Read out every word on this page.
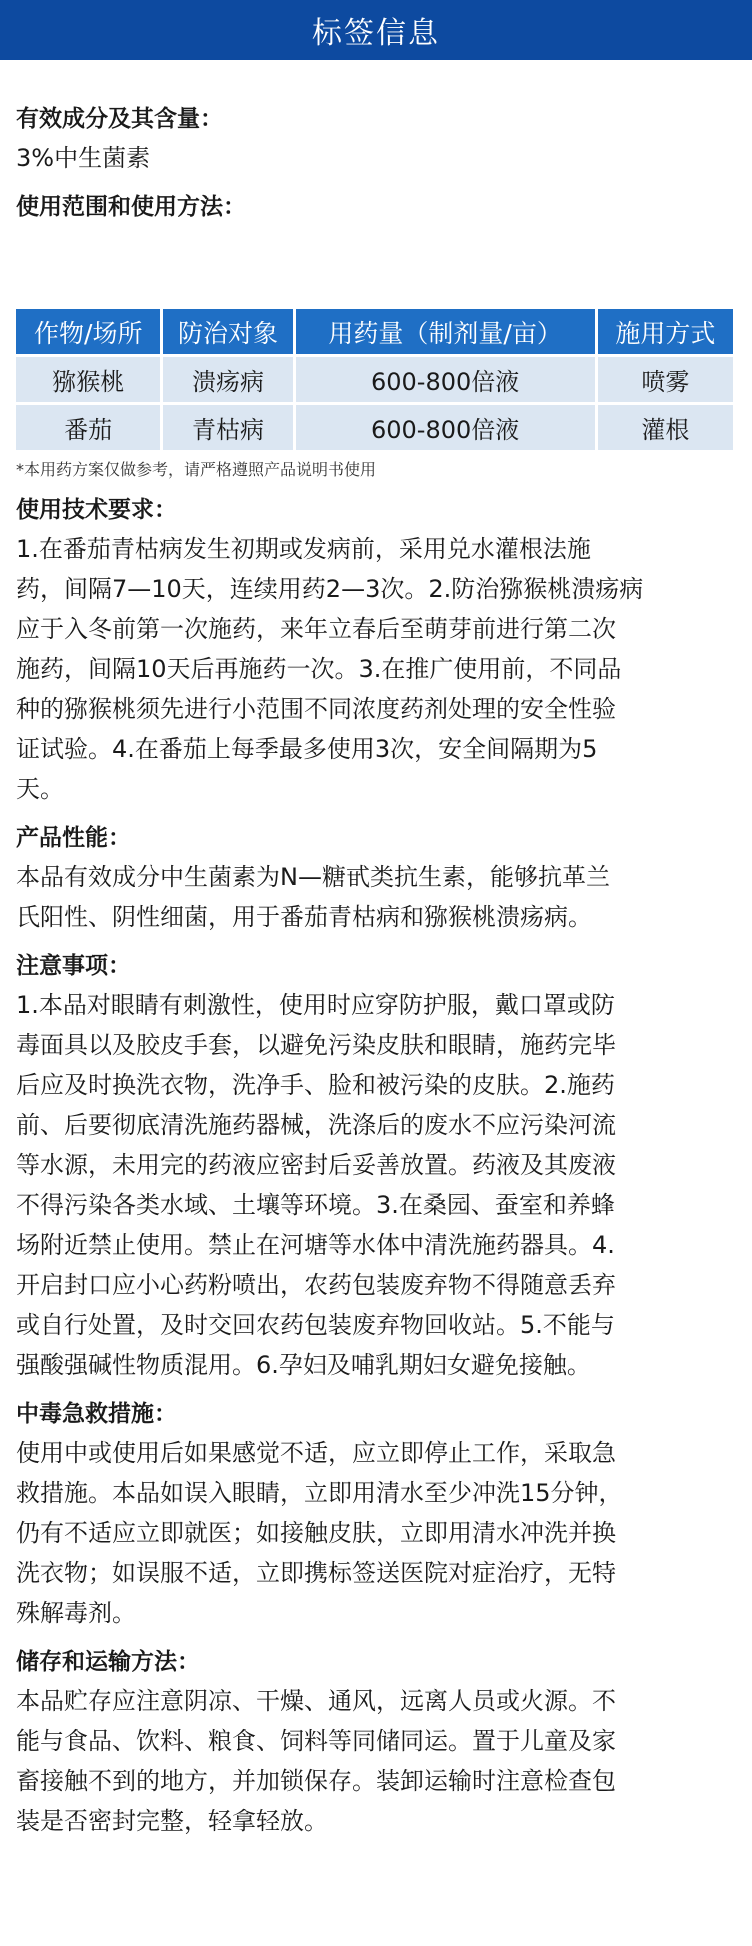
标签信息

有效成分及其含量：

3%中生菌素

使用范围和使用方法：

作物/场所	防治对象	用药量（制剂量/亩）	施用方式
猕猴桃	溃疡病	600-800倍液	喷雾
番茄	青枯病	600-800倍液	灌根

*本用药方案仅做参考，请严格遵照产品说明书使用

使用技术要求：

1.在番茄青枯病发生初期或发病前，采用兑水灌根法施
药，间隔7—10天，连续用药2—3次。2.防治猕猴桃溃疡病
应于入冬前第一次施药，来年立春后至萌芽前进行第二次
施药，间隔10天后再施药一次。3.在推广使用前，不同品
种的猕猴桃须先进行小范围不同浓度药剂处理的安全性验
证试验。4.在番茄上每季最多使用3次，安全间隔期为5
天。

产品性能：

本品有效成分中生菌素为N—糖甙类抗生素，能够抗革兰
氏阳性、阴性细菌，用于番茄青枯病和猕猴桃溃疡病。

注意事项：

1.本品对眼睛有刺激性，使用时应穿防护服，戴口罩或防
毒面具以及胶皮手套，以避免污染皮肤和眼睛，施药完毕
后应及时换洗衣物，洗净手、脸和被污染的皮肤。2.施药
前、后要彻底清洗施药器械，洗涤后的废水不应污染河流
等水源，未用完的药液应密封后妥善放置。药液及其废液
不得污染各类水域、土壤等环境。3.在桑园、蚕室和养蜂
场附近禁止使用。禁止在河塘等水体中清洗施药器具。4.
开启封口应小心药粉喷出，农药包装废弃物不得随意丢弃
或自行处置，及时交回农药包装废弃物回收站。5.不能与
强酸强碱性物质混用。6.孕妇及哺乳期妇女避免接触。

中毒急救措施：

使用中或使用后如果感觉不适，应立即停止工作，采取急
救措施。本品如误入眼睛，立即用清水至少冲洗15分钟，
仍有不适应立即就医；如接触皮肤，立即用清水冲洗并换
洗衣物；如误服不适，立即携标签送医院对症治疗，无特
殊解毒剂。

储存和运输方法：

本品贮存应注意阴凉、干燥、通风，远离人员或火源。不
能与食品、饮料、粮食、饲料等同储同运。置于儿童及家
畜接触不到的地方，并加锁保存。装卸运输时注意检查包
装是否密封完整，轻拿轻放。
